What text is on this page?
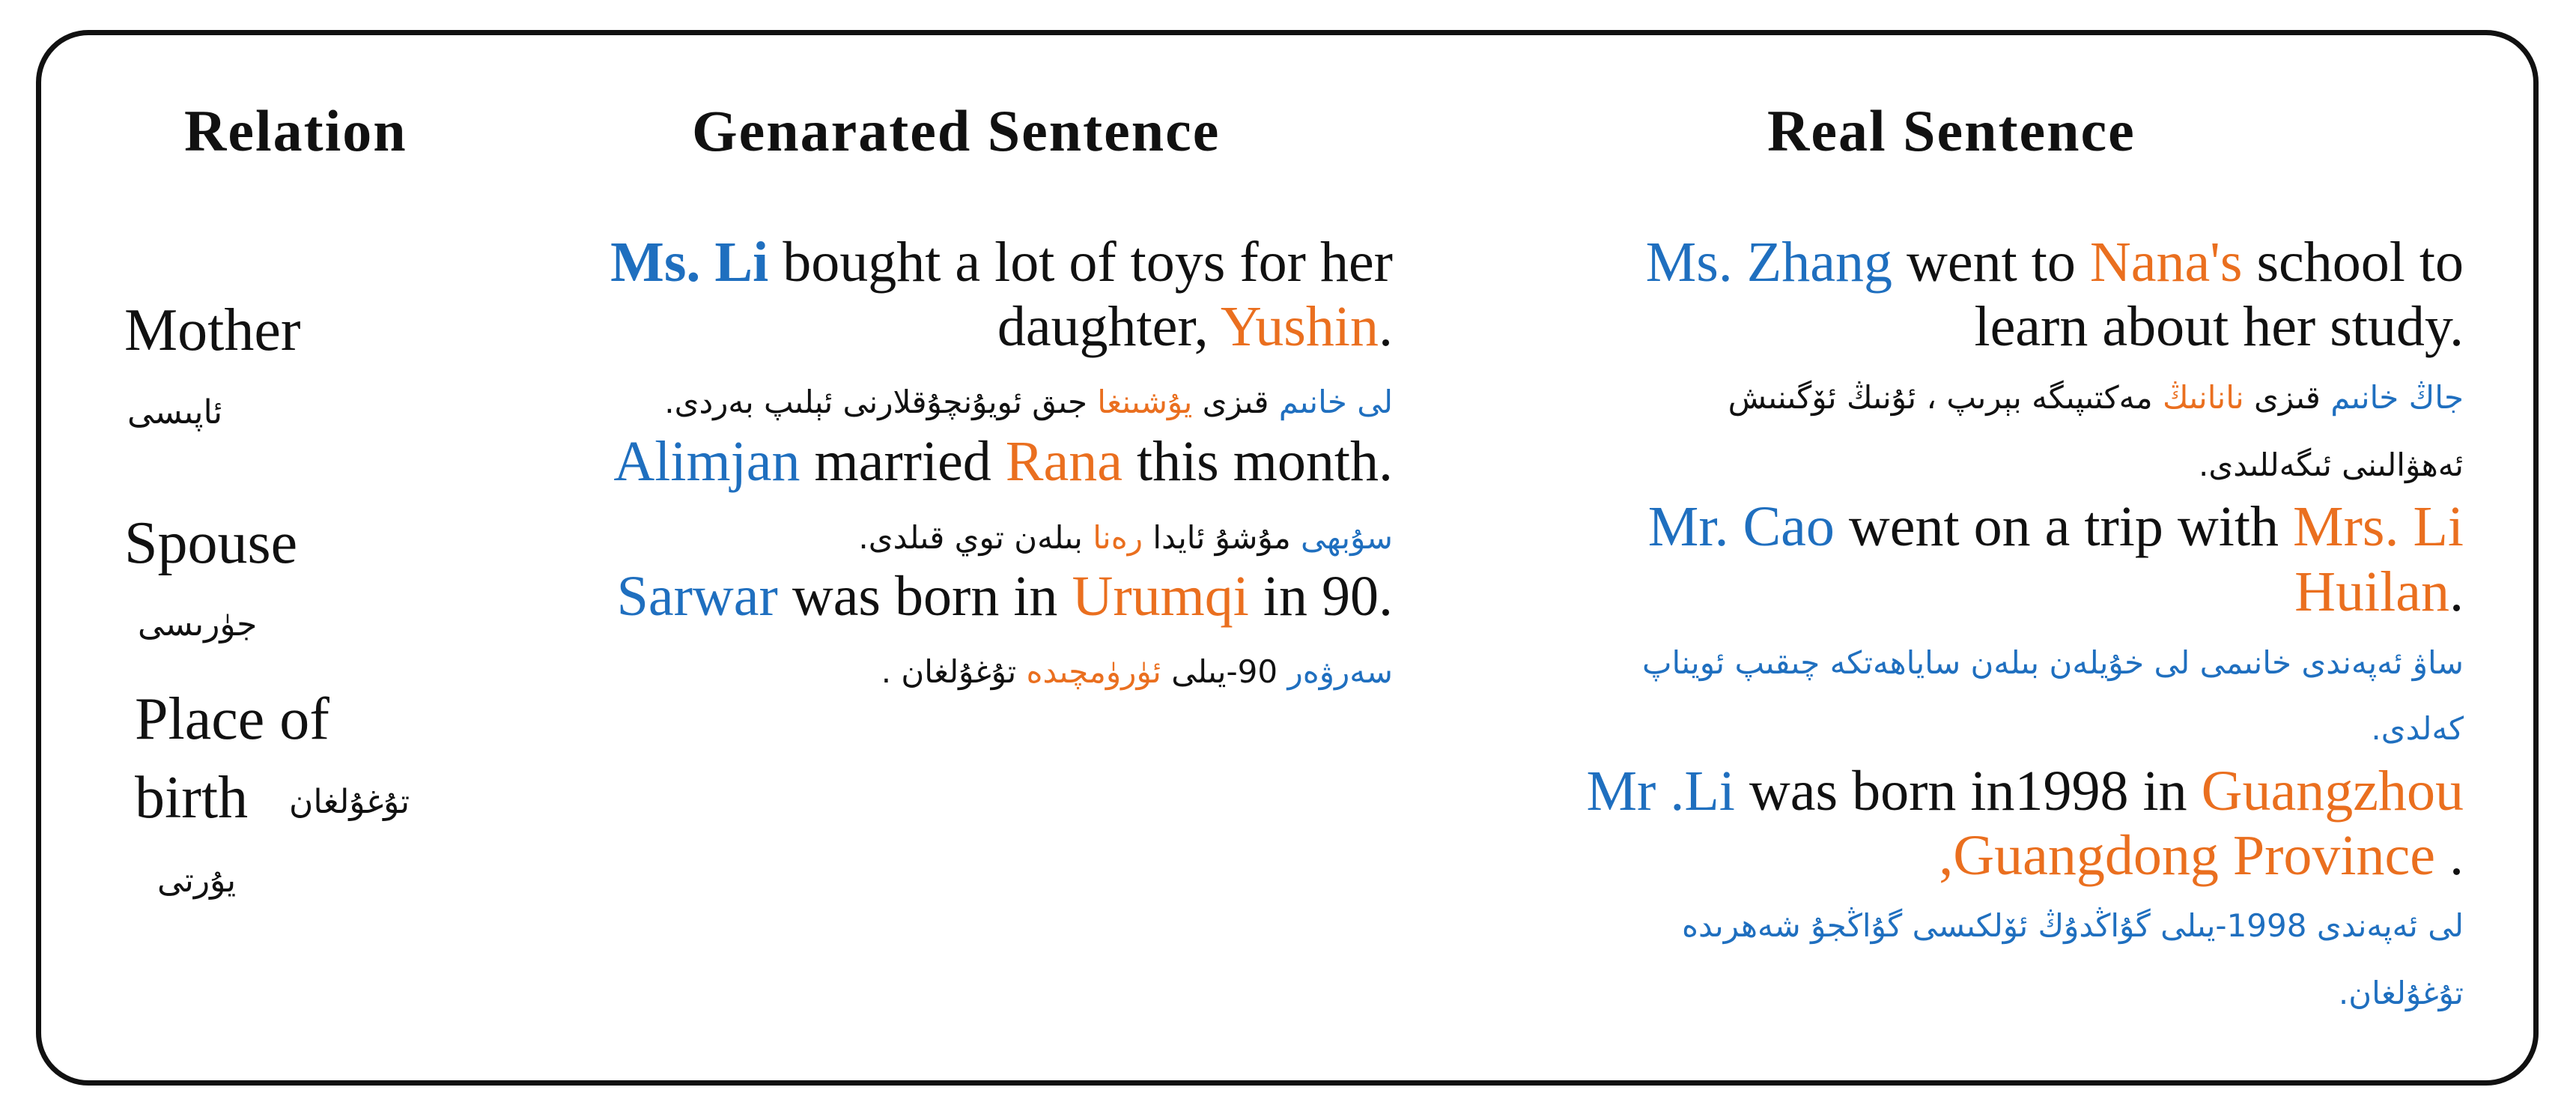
Relation	Genarated Sentence	Real Sentence
Mother
ئاپىسى
Spouse
جۈرىسى
Place of
birth تۇغۇلغان
يۇرتى
Ms. Li bought a lot of toys for her
daughter, Yushin.
لى خانىم قىزى يۇشىنغا جىق ئويۇنچۇقلارنى ئېلىپ بەردى.
Alimjan married Rana this month.
سۇبھى مۇشۇ ئايدا رەنا بىلەن توي قىلدى.
Sarwar was born in Urumqi in 90.
سەرۋەر 90-يىلى ئۈرۈمچىدە تۇغۇلغان .
Ms. Zhang went to Nana's school to
learn about her study.
جاڭ خانىم قىزى نانانىڭ مەكتىپىگە بېرىپ ، ئۇنىڭ ئۆگىنىش
ئەھۋالىنى ئىگەللىدى.
Mr. Cao went on a trip with Mrs. Li
Huilan.
ساۋ ئەپەندى خانىمى لى خۇيلەن بىلەن ساياھەتكە چىقىپ ئويناپ
كەلدى.
Mr .Li was born in1998 in Guangzhou
,Guangdong Province .
لى ئەپەندى 1998-يىلى گۇاڭدۇڭ ئۆلكىسى گۇاڭجۇ شەھرىدە
تۇغۇلغان.
